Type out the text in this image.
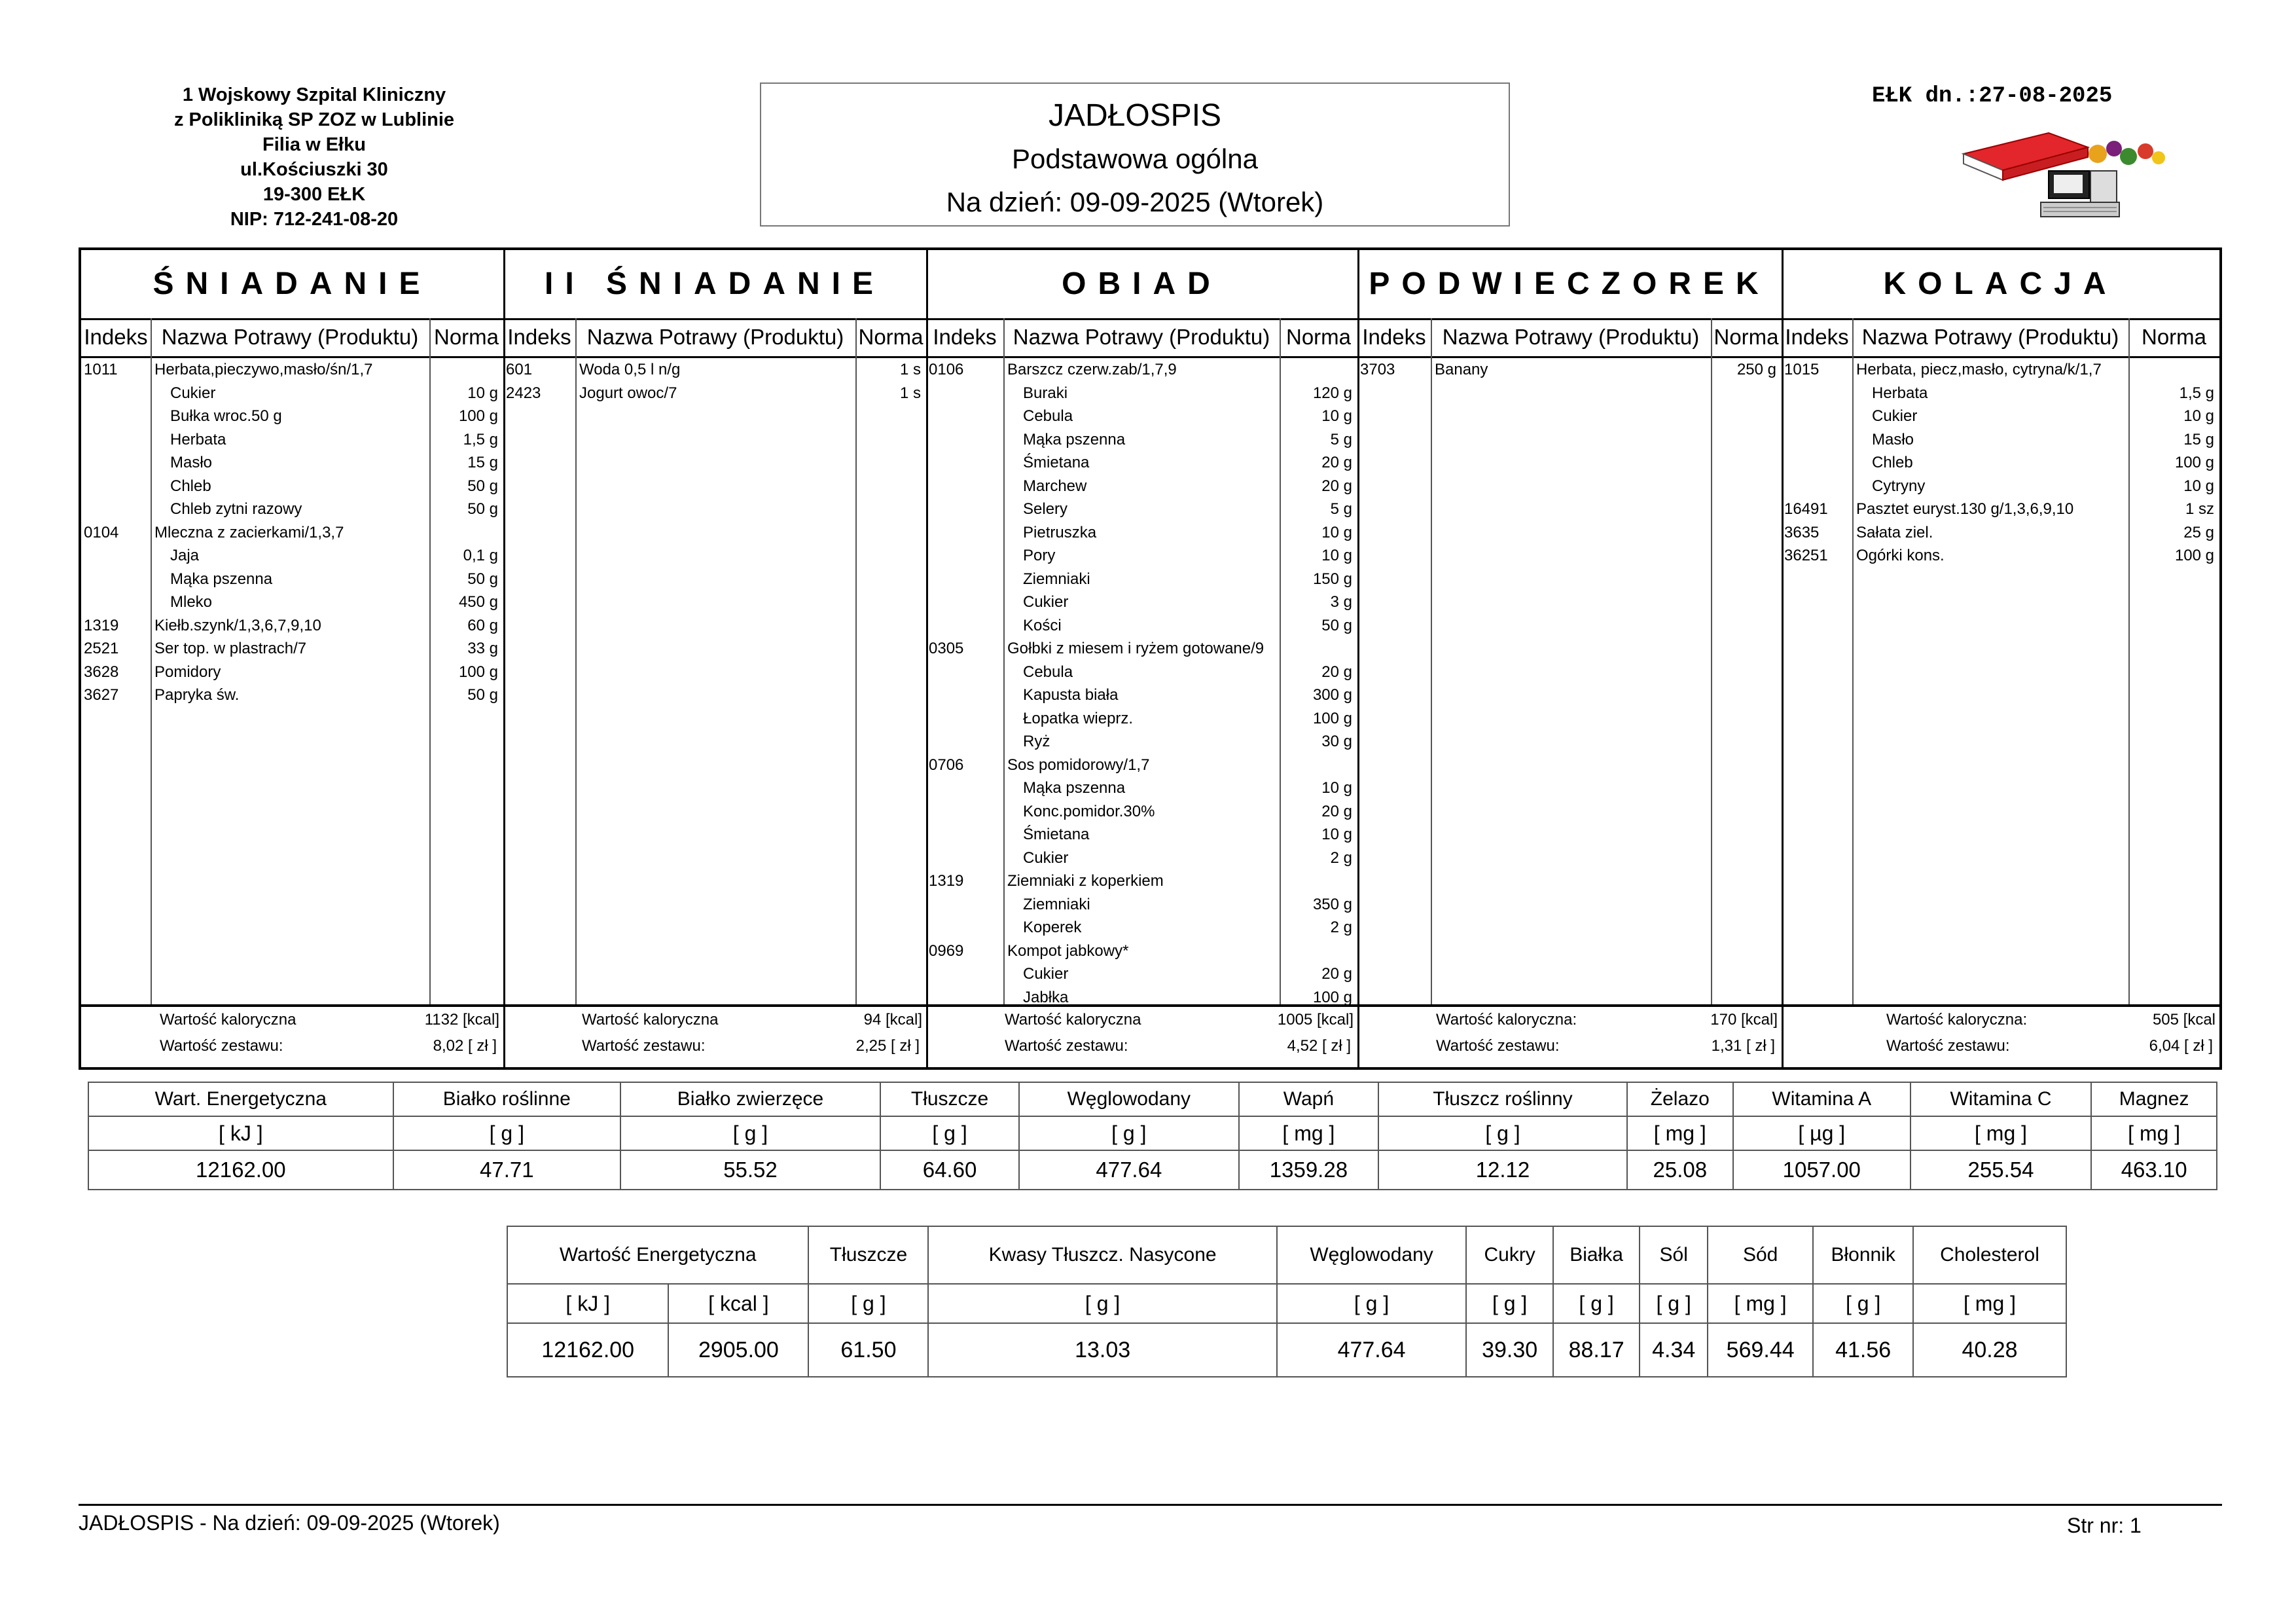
1 Wojskowy Szpital Kliniczny
z Polikliniką SP ZOZ w Lublinie
Filia w Ełku
ul.Kościuszki 30
19-300 EŁK
NIP: 712-241-08-20
JADŁOSPIS
Podstawowa ogólna
Na dzień: 09-09-2025 (Wtorek)
EŁK dn.:27-08-2025
ŚNIADANIE
Indeks Nazwa Potrawy (Produktu) Norma
1011 Herbata,pieczywo,masło/śn/1,7
Cukier	10 g
Bułka wroc.50 g	100 g
Herbata	1,5 g
Masło	15 g
Chleb	50 g
Chleb zytni razowy	50 g
0104 Mleczna z zacierkami/1,3,7
Jaja	0,1 g
Mąka pszenna	50 g
Mleko	450 g
1319 Kiełb.szynk/1,3,6,7,9,10	60 g
2521 Ser top. w plastrach/7	33 g
3628 Pomidory	100 g
3627 Papryka św.	50 g
Wartość kaloryczna	1132 [kcal]
Wartość zestawu:	8,02 [ zł ]
II ŚNIADANIE
Indeks Nazwa Potrawy (Produktu) Norma
601	Woda 0,5 l n/g	1 s
2423 Jogurt owoc/7	1 s
Wartość kaloryczna	94 [kcal]
Wartość zestawu:	2,25 [ zł ]
OBIAD
Indeks Nazwa Potrawy (Produktu) Norma
0106	Barszcz czerw.zab/1,7,9
Buraki	120 g
Cebula	10 g
Mąka pszenna	5 g
Śmietana	20 g
Marchew	20 g
Selery	5 g
Pietruszka	10 g
Pory	10 g
Ziemniaki	150 g
Cukier	3 g
Kości	50 g
0305	Gołbki z miesem i ryżem gotowane/9
Cebula	20 g
Kapusta biała	300 g
Łopatka wieprz.	100 g
Ryż	30 g
0706	Sos pomidorowy/1,7
Mąka pszenna	10 g
Konc.pomidor.30%	20 g
Śmietana	10 g
Cukier	2 g
1319	Ziemniaki z koperkiem
Ziemniaki	350 g
Koperek	2 g
0969	Kompot jabkowy*
Cukier	20 g
Jabłka	100 g
Wartość kaloryczna	1005 [kcal]
Wartość zestawu:	4,52 [ zł ]
PODWIECZOREK
Indeks Nazwa Potrawy (Produktu) Norma
3703	Banany	250 g
Wartość kaloryczna:	170 [kcal]
Wartość zestawu:	1,31 [ zł ]
KOLACJA
Indeks Nazwa Potrawy (Produktu)	Norma
1015 Herbata, piecz,masło, cytryna/k/1,7
Herbata	1,5 g
Cukier	10 g
Masło	15 g
Chleb	100 g
Cytryny	10 g
16491 Pasztet euryst.130 g/1,3,6,9,10	1 sz
3635 Sałata ziel.	25 g
36251 Ogórki kons.	100 g
Wartość kaloryczna:	505 [kcal
Wartość zestawu:	6,04 [ zł ]
Wart. Energetyczna	Białko roślinne	Białko zwierzęce	Tłuszcze	Węglowodany	Wapń	Tłuszcz roślinny	Żelazo	Witamina A	Witamina C	Magnez
[ kJ ]	[ g ]	[ g ]	[ g ]	[ g ]	[ mg ]	[ g ]	[ mg ]	[ µg ]	[ mg ]	[ mg ]
12162.00	47.71	55.52	64.60	477.64	1359.28	12.12	25.08	1057.00	255.54	463.10
Wartość Energetyczna		Tłuszcze	Kwasy Tłuszcz. Nasycone	Węglowodany	Cukry	Białka	Sól	Sód	Błonnik	Cholesterol
[ kJ ]	[ kcal ]	[ g ]	[ g ]	[ g ]	[ g ]	[ g ]	[ g ]	[ mg ]	[ g ]	[ mg ]
12162.00	2905.00	61.50	13.03	477.64	39.30	88.17	4.34	569.44	41.56	40.28
JADŁOSPIS - Na dzień: 09-09-2025 (Wtorek)	Str nr: 1
